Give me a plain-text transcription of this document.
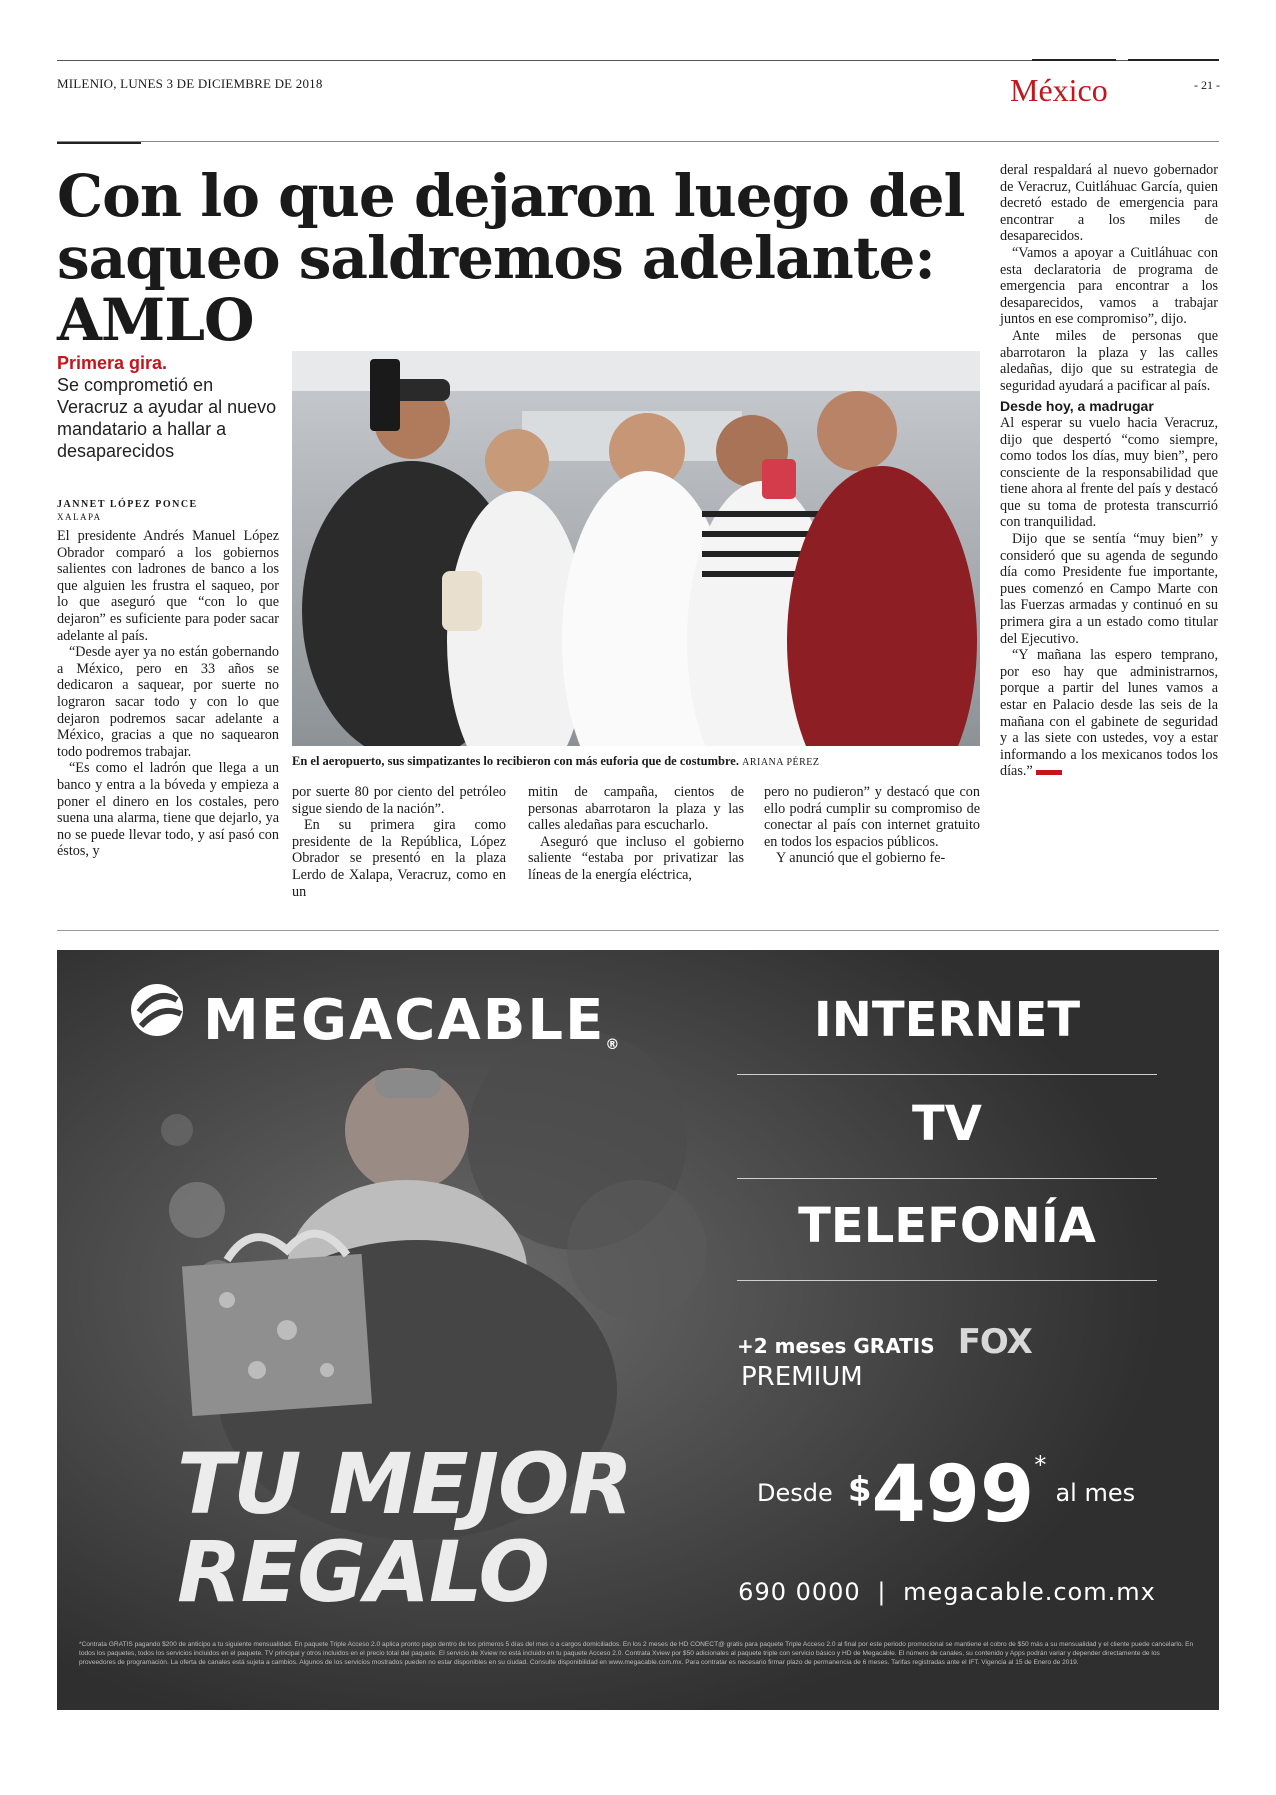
MILENIO, LUNES 3 DE DICIEMBRE DE 2018	México	- 21 -
Con lo que dejaron luego del
saqueo saldremos adelante: AMLO
Primera gira.
Se comprometió en Veracruz a ayudar al nuevo mandatario a hallar a desaparecidos
JANNET LÓPEZ PONCE
XALAPA

El presidente Andrés Manuel López Obrador comparó a los gobiernos salientes con ladrones de banco a los que alguien les frustra el saqueo, por lo que aseguró que “con lo que dejaron” es suficiente para poder sacar adelante al país.

“Desde ayer ya no están gobernando a México, pero en 33 años se dedicaron a saquear, por suerte no lograron sacar todo y con lo que dejaron podremos sacar adelante a México, gracias a que no saquearon todo podremos trabajar.

“Es como el ladrón que llega a un banco y entra a la bóveda y empieza a poner el dinero en los costales, pero suena una alarma, tiene que dejarlo, ya no se puede llevar todo, y así pasó con éstos, y

En el aeropuerto, sus simpatizantes lo recibieron con más euforia que de costumbre. ARIANA PÉREZ

por suerte 80 por ciento del petróleo sigue siendo de la nación”.

En su primera gira como presidente de la República, López Obrador se presentó en la plaza Lerdo de Xalapa, Veracruz, como en un

mitin de campaña, cientos de personas abarrotaron la plaza y las calles aledañas para escucharlo.

Aseguró que incluso el gobierno saliente “estaba por privatizar las líneas de la energía eléctrica,

pero no pudieron” y destacó que con ello podrá cumplir su compromiso de conectar al país con internet gratuito en todos los espacios públicos.

Y anunció que el gobierno fe-

deral respaldará al nuevo gobernador de Veracruz, Cuitláhuac García, quien decretó estado de emergencia para encontrar a los miles de desaparecidos.

“Vamos a apoyar a Cuitláhuac con esta declaratoria de programa de emergencia para encontrar a los desaparecidos, vamos a trabajar juntos en ese compromiso”, dijo.

Ante miles de personas que abarrotaron la plaza y las calles aledañas, dijo que su estrategia de seguridad ayudará a pacificar al país.

Desde hoy, a madrugar

Al esperar su vuelo hacia Veracruz, dijo que despertó “como siempre, como todos los días, muy bien”, pero consciente de la responsabilidad que tiene ahora al frente del país y destacó que su toma de protesta transcurrió con tranquilidad.

Dijo que se sentía “muy bien” y consideró que su agenda de segundo día como Presidente fue importante, pues comenzó en Campo Marte con las Fuerzas armadas y continuó en su primera gira a un estado como titular del Ejecutivo.

“Y mañana las espero temprano, por eso hay que administrarnos, porque a partir del lunes vamos a estar en Palacio desde las seis de la mañana con el gabinete de seguridad y a las siete con ustedes, voy a estar informando a los mexicanos todos los días.”

MEGACABLE®	INTERNET
TV
TELEFONÍA
+2 meses GRATIS FOX PREMIUM
Desde $499* al mes
690 0000 | megacable.com.mx
TU MEJOR
REGALO
*Contrata GRATIS pagando $200 de anticipo a tu siguiente mensualidad. En paquete Triple Acceso 2.0 aplica pronto pago dentro de los primeros 5 días del mes o a cargos domiciliados. En los 2 meses de HD CONECT@ gratis para paquete Triple Acceso 2.0 al final por este periodo promocional se mantiene el cobro de $50 más a su mensualidad y el cliente puede cancelarlo. En todos los paquetes, todos los servicios incluidos en el paquete. TV principal y otros incluidos en el precio total del paquete. El servicio de Xview no está incluido en tu paquete Acceso 2.0. Contrata Xview por $50 adicionales al paquete triple con servicio básico y HD de Megacable. El número de canales, su contenido y Apps podrán variar y depender directamente de los proveedores de programación. La oferta de canales está sujeta a cambios. Algunos de los servicios mostrados pueden no estar disponibles en su ciudad. Consulte disponibilidad en www.megacable.com.mx. Para contratar es necesario firmar plazo de permanencia de 6 meses. Tarifas registradas ante el IFT. Vigencia al 15 de Enero de 2019.
